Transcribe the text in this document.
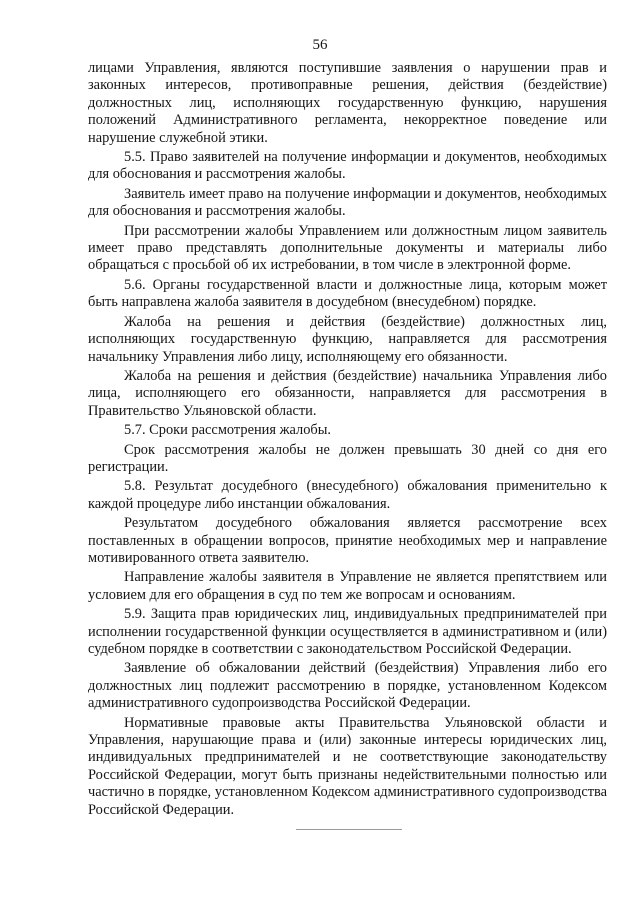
56

лицами Управления, являются поступившие заявления о нарушении прав и законных интересов, противоправные решения, действия (бездействие) должностных лиц, исполняющих государственную функцию, нарушения положений Административного регламента, некорректное поведение или нарушение служебной этики.

5.5. Право заявителей на получение информации и документов, необходимых для обоснования и рассмотрения жалобы.

Заявитель имеет право на получение информации и документов, необходимых для обоснования и рассмотрения жалобы.

При рассмотрении жалобы Управлением или должностным лицом заявитель имеет право представлять дополнительные документы и материалы либо обращаться с просьбой об их истребовании, в том числе в электронной форме.

5.6. Органы государственной власти и должностные лица, которым может быть направлена жалоба заявителя в досудебном (внесудебном) порядке.

Жалоба на решения и действия (бездействие) должностных лиц, исполняющих государственную функцию, направляется для рассмотрения начальнику Управления либо лицу, исполняющему его обязанности.

Жалоба на решения и действия (бездействие) начальника Управления либо лица, исполняющего его обязанности, направляется для рассмотрения в Правительство Ульяновской области.

5.7. Сроки рассмотрения жалобы.

Срок рассмотрения жалобы не должен превышать 30 дней со дня его регистрации.

5.8. Результат досудебного (внесудебного) обжалования применительно к каждой процедуре либо инстанции обжалования.

Результатом досудебного обжалования является рассмотрение всех поставленных в обращении вопросов, принятие необходимых мер и направление мотивированного ответа заявителю.

Направление жалобы заявителя в Управление не является препятствием или условием для его обращения в суд по тем же вопросам и основаниям.

5.9. Защита прав юридических лиц, индивидуальных предпринимателей при исполнении государственной функции осуществляется в административном и (или) судебном порядке в соответствии с законодательством Российской Федерации.

Заявление об обжаловании действий (бездействия) Управления либо его должностных лиц подлежит рассмотрению в порядке, установленном Кодексом административного судопроизводства Российской Федерации.

Нормативные правовые акты Правительства Ульяновской области и Управления, нарушающие права и (или) законные интересы юридических лиц, индивидуальных предпринимателей и не соответствующие законодательству Российской Федерации, могут быть признаны недействительными полностью или частично в порядке, установленном Кодексом административного судопроизводства Российской Федерации.
